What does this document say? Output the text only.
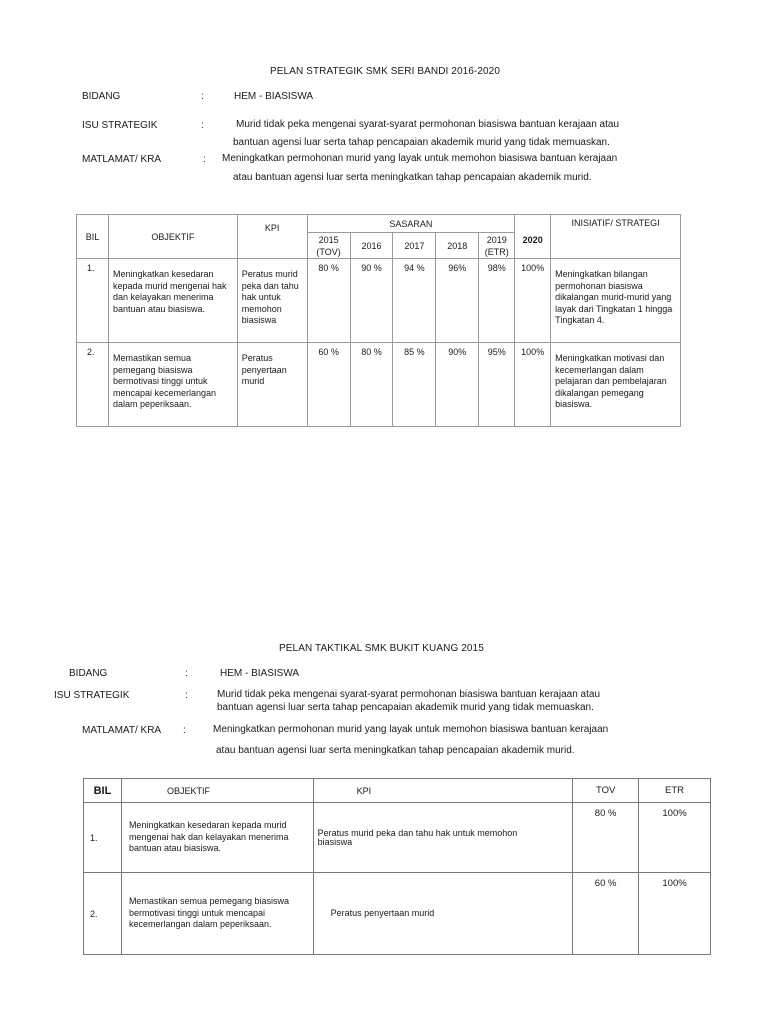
PELAN STRATEGIK SMK SERI BANDI 2016-2020
BIDANG	:	HEM - BIASISWA
ISU STRATEGIK	:	Murid tidak peka mengenai syarat-syarat permohonan biasiswa bantuan kerajaan atau
bantuan agensi luar serta tahap pencapaian akademik murid yang tidak memuaskan.
MATLAMAT/ KRA	: Meningkatkan permohonan murid yang layak untuk memohon biasiswa bantuan kerajaan
atau bantuan agensi luar serta meningkatkan tahap pencapaian akademik murid.
BIL	OBJEKTIF	KPI	SASARAN					2020	INISIATIF/ STRATEGI
			2015 (TOV)	2016	2017	2018	2019 (ETR)		

1.	Meningkatkan kesedaran kepada murid mengenai hak dan kelayakan menerima bantuan atau biasiswa.	Peratus murid peka dan tahu hak untuk memohon biasiswa	80 %	90 %	94 %	96%	98%	100%	Meningkatkan bilangan permohonan biasiswa dikalangan murid-murid yang layak dari Tingkatan 1 hingga Tingkatan 4.

2.	Memastikan semua pemegang biasiswa bermotivasi tinggi untuk mencapai kecemerlangan dalam peperiksaan.	Peratus penyertaan murid	60 %	80 %	85 %	90%	95%	100%	Meningkatkan motivasi dan kecemerlangan dalam pelajaran dan pembelajaran dikalangan pemegang biasiswa.
PELAN TAKTIKAL SMK BUKIT KUANG 2015
BIDANG	:	HEM - BIASISWA
ISU STRATEGIK	:	Murid tidak peka mengenai syarat-syarat permohonan biasiswa bantuan kerajaan atau
bantuan agensi luar serta tahap pencapaian akademik murid yang tidak memuaskan.
MATLAMAT/ KRA :	Meningkatkan permohonan murid yang layak untuk memohon biasiswa bantuan kerajaan
atau bantuan agensi luar serta meningkatkan tahap pencapaian akademik murid.
BIL	OBJEKTIF	KPI	TOV	ETR
1.	Meningkatkan kesedaran kepada murid mengenai hak dan kelayakan menerima bantuan atau biasiswa.	Peratus murid peka dan tahu hak untuk memohon biasiswa	80 %	100%

2.	Memastikan semua pemegang biasiswa bermotivasi tinggi untuk mencapai kecemerlangan dalam peperiksaan.	Peratus penyertaan murid	60 %	100%
